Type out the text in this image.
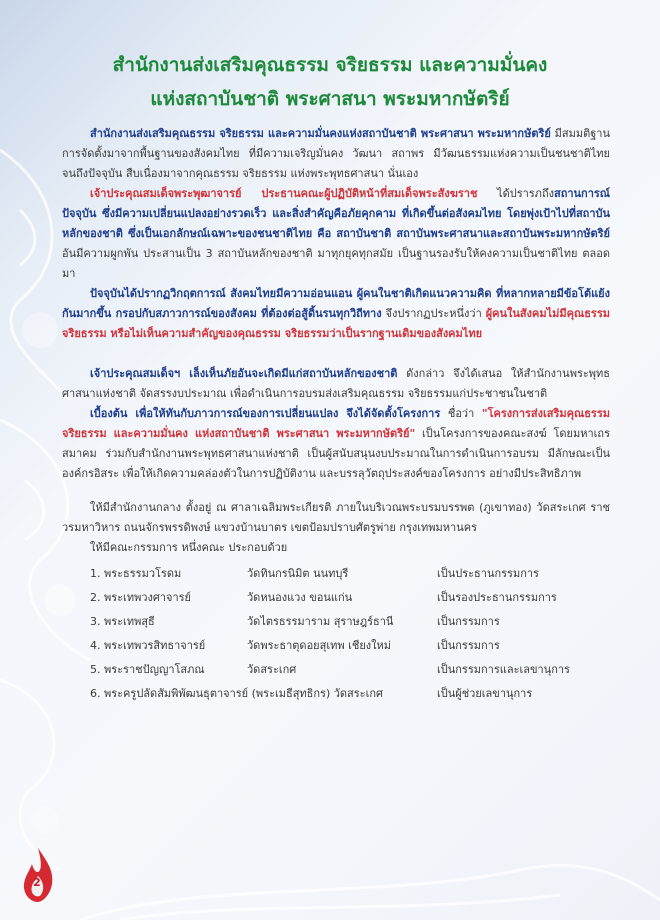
2
สำนักงานส่งเสริมคุณธรรม จริยธรรม และความมั่นคง
แห่งสถาบันชาติ พระศาสนา พระมหากษัตริย์

สำนักงานส่งเสริมคุณธรรม จริยธรรม และความมั่นคงแห่งสถาบันชาติ พระศาสนา พระมหากษัตริย์ มีสมมติฐานการจัดตั้งมาจากพื้นฐานของสังคมไทย ที่มีความเจริญมั่นคง วัฒนา สถาพร มีวัฒนธรรมแห่งความเป็นชนชาติไทย จนถึงปัจจุบัน สืบเนื่องมาจากคุณธรรม จริยธรรม แห่งพระพุทธศาสนา นั่นเอง

เจ้าประคุณสมเด็จพระพุฒาจารย์ ประธานคณะผู้ปฏิบัติหน้าที่สมเด็จพระสังฆราช ได้ปรารภถึงสถานการณ์ปัจจุบัน ซึ่งมีความเปลี่ยนแปลงอย่างรวดเร็ว และสิ่งสำคัญคือภัยคุกคาม ที่เกิดขึ้นต่อสังคมไทย โดยพุ่งเป้าไปที่สถาบันหลักของชาติ ซึ่งเป็นเอกลักษณ์เฉพาะของชนชาติไทย คือ สถาบันชาติ สถาบันพระศาสนาและสถาบันพระมหากษัตริย์ อันมีความผูกพัน ประสานเป็น 3 สถาบันหลักของชาติ มาทุกยุคทุกสมัย เป็นฐานรองรับให้คงความเป็นชาติไทย ตลอดมา

ปัจจุบันได้ปรากฏวิกฤตการณ์ สังคมไทยมีความอ่อนแอน ผู้คนในชาติเกิดแนวความคิด ที่หลากหลายมีข้อโต้แย้งกันมากขึ้น กรอปกับสภาวการณ์ของสังคม ที่ต้องต่อสู้ดิ้นรนทุกวิถีทาง จึงปรากฏประหนึ่งว่า ผู้คนในสังคมไม่มีคุณธรรม จริยธรรม หรือไม่เห็นความสำคัญของคุณธรรม จริยธรรมว่าเป็นรากฐานเดิมของสังคมไทย

เจ้าประคุณสมเด็จฯ เล็งเห็นภัยอันจะเกิดมีแก่สถาบันหลักของชาติ ดังกล่าว จึงได้เสนอ ให้สำนักงานพระพุทธศาสนาแห่งชาติ จัดสรรงบประมาณ เพื่อดำเนินการอบรมส่งเสริมคุณธรรม จริยธรรมแก่ประชาชนในชาติ

เบื้องต้น เพื่อให้ทันกับภาวการณ์ของการเปลี่ยนแปลง จึงได้จัดตั้งโครงการ ชื่อว่า "โครงการส่งเสริมคุณธรรม จริยธรรม และความมั่นคง แห่งสถาบันชาติ พระศาสนา พระมหากษัตริย์" เป็นโครงการของคณะสงฆ์ โดยมหาเถรสมาคม ร่วมกับสำนักงานพระพุทธศาสนาแห่งชาติ เป็นผู้สนับสนุนงบประมาณในการดำเนินการอบรม มีลักษณะเป็นองค์กรอิสระ เพื่อให้เกิดความคล่องตัวในการปฏิบัติงาน และบรรลุวัตถุประสงค์ของโครงการ อย่างมีประสิทธิภาพ

ให้มีสำนักงานกลาง ตั้งอยู่ ณ ศาลาเฉลิมพระเกียรติ ภายในบริเวณพระบรมบรรพต (ภูเขาทอง) วัดสระเกศ ราชวรมหาวิหาร ถนนจักรพรรดิพงษ์ แขวงบ้านบาตร เขตป้อมปราบศัตรูพ่าย กรุงเทพมหานคร

ให้มีคณะกรรมการ หนึ่งคณะ ประกอบด้วย

1. พระธรรมวโรดม	วัดทินกรนิมิต นนทบุรี	เป็นประธานกรรมการ
2. พระเทพวงศาจารย์	วัดหนองแวง ขอนแก่น	เป็นรองประธานกรรมการ
3. พระเทพสุธี	วัดไตรธรรมาราม สุราษฎร์ธานี	เป็นกรรมการ
4. พระเทพวรสิทธาจารย์	วัดพระธาตุดอยสุเทพ เชียงใหม่	เป็นกรรมการ
5. พระราชปัญญาโสภณ	วัดสระเกศ	เป็นกรรมการและเลขานุการ
6. พระครูปลัดสัมพิพัฒนธุตาจารย์ (พระเมธีสุทธิกร) วัดสระเกศ		เป็นผู้ช่วยเลขานุการ
